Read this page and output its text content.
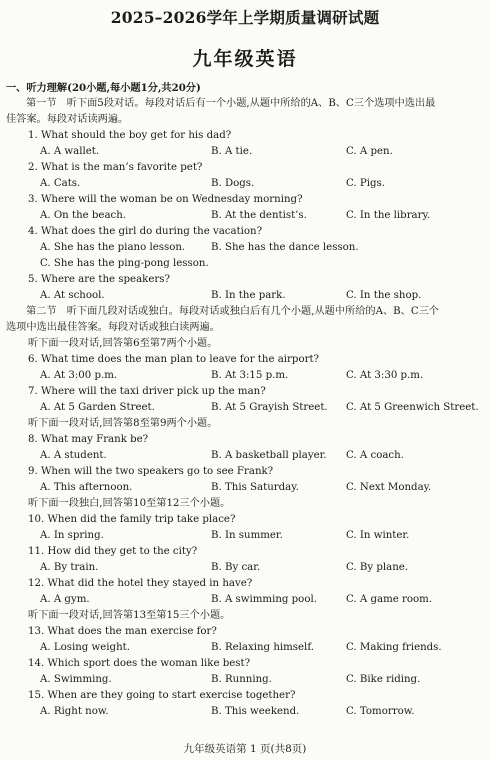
2025–2026学年上学期质量调研试题
九年级英语
一、听力理解(20小题,每小题1分,共20分)
第一节　听下面5段对话。每段对话后有一个小题,从题中所给的A、B、C三个选项中选出最
佳答案。每段对话读两遍。
1. What should the boy get for his dad?
A. A wallet.	B. A tie.	C. A pen.
2. What is the man’s favorite pet?
A. Cats.	B. Dogs.	C. Pigs.
3. Where will the woman be on Wednesday morning?
A. On the beach.	B. At the dentist’s.	C. In the library.
4. What does the girl do during the vacation?
A. She has the piano lesson.	B. She has the dance lesson.
C. She has the ping-pong lesson.
5. Where are the speakers?
A. At school.	B. In the park.	C. In the shop.
第二节　听下面几段对话或独白。每段对话或独白后有几个小题,从题中所给的A、B、C三个
选项中选出最佳答案。每段对话或独白读两遍。
听下面一段对话,回答第6至第7两个小题。
6. What time does the man plan to leave for the airport?
A. At 3:00 p.m.	B. At 3:15 p.m.	C. At 3:30 p.m.
7. Where will the taxi driver pick up the man?
A. At 5 Garden Street.	B. At 5 Grayish Street. C. At 5 Greenwich Street.
听下面一段对话,回答第8至第9两个小题。
8. What may Frank be?
A. A student.	B. A basketball player. C. A coach.
9. When will the two speakers go to see Frank?
A. This afternoon.	B. This Saturday.	C. Next Monday.
听下面一段独白,回答第10至第12三个小题。
10. When did the family trip take place?
A. In spring.	B. In summer.	C. In winter.
11. How did they get to the city?
A. By train.	B. By car.	C. By plane.
12. What did the hotel they stayed in have?
A. A gym.	B. A swimming pool.	C. A game room.
听下面一段对话,回答第13至第15三个小题。
13. What does the man exercise for?
A. Losing weight.	B. Relaxing himself.	C. Making friends.
14. Which sport does the woman like best?
A. Swimming.	B. Running.	C. Bike riding.
15. When are they going to start exercise together?
A. Right now.	B. This weekend.	C. Tomorrow.
九年级英语第 1 页(共8页)
